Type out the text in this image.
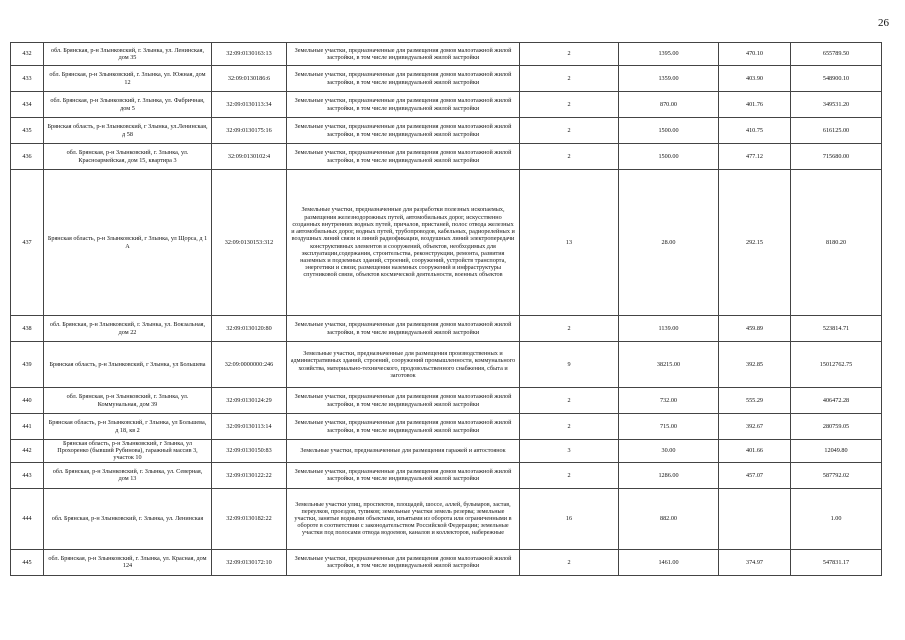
26
432	обл. Брянская, р-н Злынковский, г. Злынка, ул. Ленинская, дом 35	32:09:0130163:13	Земельные участки, предназначенные для размещения домов малоэтажной жилой застройки, в том числе индивидуальной жилой застройки	2	1395.00	470.10	655789.50
433	обл. Брянская, р-н Злынковский, г. Злынка, ул. Южная, дом 12	32:09:0130186:6	Земельные участки, предназначенные для размещения домов малоэтажной жилой застройки, в том числе индивидуальной жилой застройки	2	1359.00	403.90	548900.10
434	обл. Брянская, р-н Злынковский, г. Злынка, ул. Фабричная, дом 5	32:09:0130113:34	Земельные участки, предназначенные для размещения домов малоэтажной жилой застройки, в том числе индивидуальной жилой застройки	2	870.00	401.76	349531.20
435	Брянская область, р-н Злынковский, г Злынка, ул.Ленинская, д 58	32:09:0130175:16	Земельные участки, предназначенные для размещения домов малоэтажной жилой застройки, в том числе индивидуальной жилой застройки	2	1500.00	410.75	616125.00
436	обл. Брянская, р-н Злынковский, г. Злынка, ул. Красноармейская, дом 15, квартира 3	32:09:0130102:4	Земельные участки, предназначенные для размещения домов малоэтажной жилой застройки, в том числе индивидуальной жилой застройки	2	1500.00	477.12	715680.00
437	Брянская область, р-н Злынковский, г Злынка, ул Щорса, д 1 А	32:09:0130153:312	Земельные участки, предназначенные для разработки полезных ископаемых, размещения железнодорожных путей, автомобильных дорог, искусственно созданных внутренних водных путей, причалов, пристаней, полос отвода железных и автомобильных дорог, водных путей, трубопроводов, кабельных, радиорелейных и воздушных линий связи и линий радиофикации, воздушных линий электропередачи конструктивных элементов и сооружений, объектов, необходимых для эксплуатации,содержания, строительства, реконструкции, ремонта, развития наземных и подземных зданий, строений, сооружений, устройств транспорта, энергетики и связи; размещения наземных сооружений и инфраструктуры спутниковой связи, объектов космической деятельности, военных объектов	13	28.00	292.15	8180.20
438	обл. Брянская, р-н Злынковский, г. Злынка, ул. Вокзальная, дом 22	32:09:0130120:80	Земельные участки, предназначенные для размещения домов малоэтажной жилой застройки, в том числе индивидуальной жилой застройки	2	1139.00	459.89	523814.71
439	Брянская область, р-н Злынковский, г Злынка, ул Большева	32:09:0000000:246	Земельные участки, предназначенные для размещения производственных и административных зданий, строений, сооружений промышленности, коммунального хозяйства, материально-технического, продовольственного снабжения, сбыта и заготовок	9	38215.00	392.85	15012762.75
440	обл. Брянская, р-н Злынковский, г. Злынка, ул. Коммунальная, дом 39	32:09:0130124:29	Земельные участки, предназначенные для размещения домов малоэтажной жилой застройки, в том числе индивидуальной жилой застройки	2	732.00	555.29	406472.28
441	Брянская область, р-н Злынковский, г Злынка, ул Большева, д 18, кв 2	32:09:0130113:14	Земельные участки, предназначенные для размещения домов малоэтажной жилой застройки, в том числе индивидуальной жилой застройки	2	715.00	392.67	280759.05
442	Брянская область, р-н Злынковский, г Злынка, ул Прохоренко (бывший Рубинова), гаражный массив 3, участок 10	32:09:0130150:83	Земельные участки, предназначенные для размещения гаражей и автостоянок	3	30.00	401.66	12049.80
443	обл. Брянская, р-н Злынковский, г. Злынка, ул. Северная, дом 13	32:09:0130122:22	Земельные участки, предназначенные для размещения домов малоэтажной жилой застройки, в том числе индивидуальной жилой застройки	2	1286.00	457.07	587792.02
444	обл. Брянская, р-н Злынковский, г. Злынка, ул. Ленинская	32:09:0130182:22	Земельные участки улиц, проспектов, площадей, шоссе, аллей, бульваров, застав, переулков, проездов, тупиков; земельные участки земель резерва; земельные участки, занятые водными объектами, изъятыми из оборота или ограниченными в обороте в соответствии с законодательством Российской Федерации; земельные участки под полосами отвода водоемов, каналов и коллекторов, набережные	16	882.00		1.00
445	обл. Брянская, р-н Злынковский, г. Злынка, ул. Красная, дом 124	32:09:0130172:10	Земельные участки, предназначенные для размещения домов малоэтажной жилой застройки, в том числе индивидуальной жилой застройки	2	1461.00	374.97	547831.17
